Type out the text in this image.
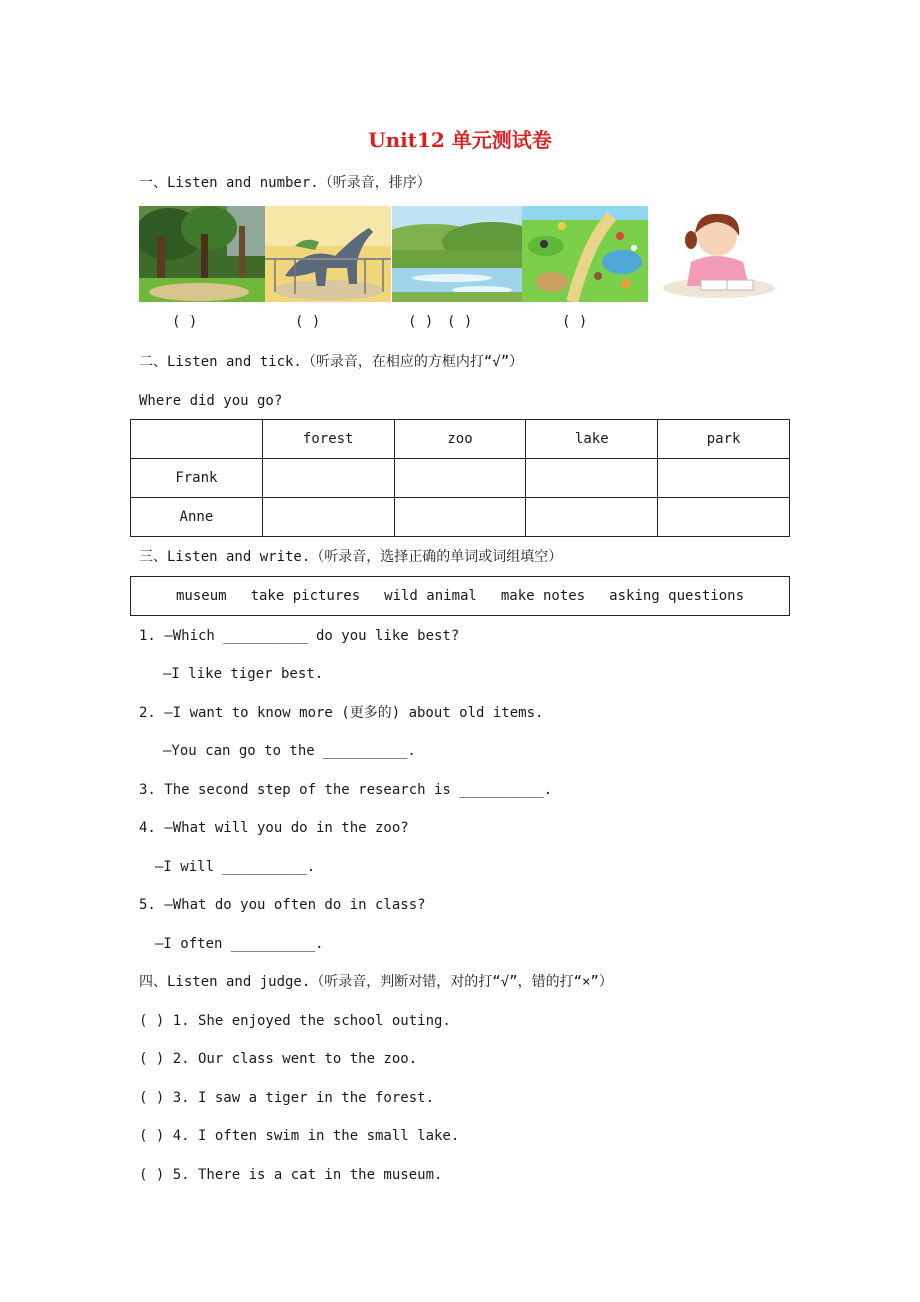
Unit12 单元测试卷
一、Listen and number.（听录音，排序）
( )	( )	( ) ( )	( )
二、Listen and tick.（听录音，在相应的方框内打“√”）
Where did you go?
	forest	zoo	lake	park
Frank				
Anne				
三、Listen and write.（听录音，选择正确的单词或词组填空）
museum take pictures wild animal make notes asking questions
1. —Which __________ do you like best?
—I like tiger best.
2. —I want to know more (更多的) about old items.
—You can go to the __________.
3. The second step of the research is __________.
4. —What will you do in the zoo?
—I will __________.
5. —What do you often do in class?
—I often __________.
四、Listen and judge.（听录音，判断对错，对的打“√”，错的打“×”）
( ) 1. She enjoyed the school outing.
( ) 2. Our class went to the zoo.
( ) 3. I saw a tiger in the forest.
( ) 4. I often swim in the small lake.
( ) 5. There is a cat in the museum.
